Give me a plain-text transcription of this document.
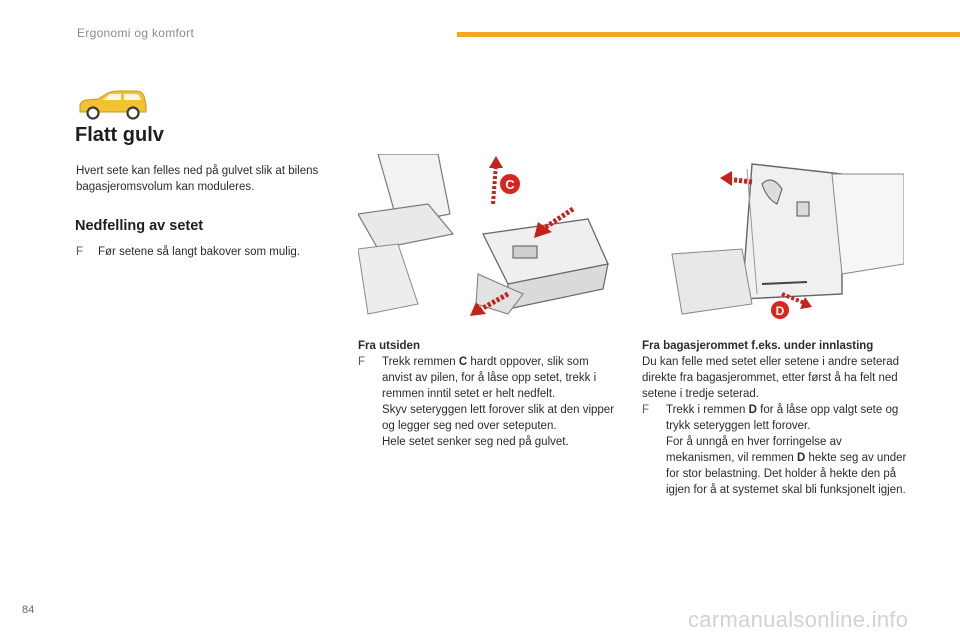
Ergonomi og komfort
Flatt gulv
Hvert sete kan felles ned på gulvet slik at bilens bagasjeromsvolum kan moduleres.
Nedfelling av setet
F Før setene så langt bakover som mulig.
C
D
Fra utsiden
F	Trekk remmen C hardt oppover, slik som anvist av pilen, for å låse opp setet, trekk i remmen inntil setet er helt nedfelt.
Skyv seteryggen lett forover slik at den vipper og legger seg ned over seteputen.
Hele setet senker seg ned på gulvet.
Fra bagasjerommet f.eks. under innlasting
Du kan felle med setet eller setene i andre seterad direkte fra bagasjerommet, etter først å ha felt ned setene i tredje seterad.
F	Trekk i remmen D for å låse opp valgt sete og trykk seteryggen lett forover.
For å unngå en hver forringelse av mekanismen, vil remmen D hekte seg av under for stor belastning. Det holder å hekte den på igjen for å at systemet skal bli funksjonelt igjen.
84	carmanualsonline.info
